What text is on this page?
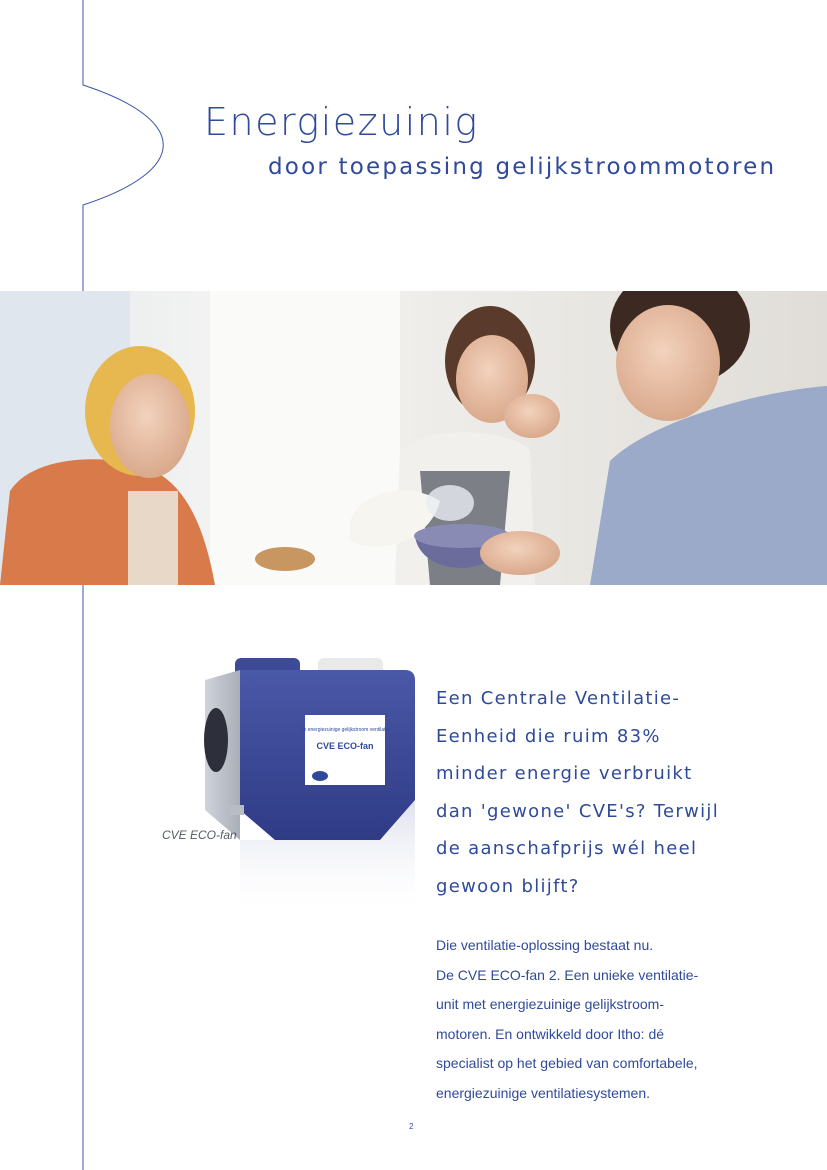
Energiezuinig
door toepassing gelijkstroommotoren
De energiezuinige gelijkstroom ventilator
CVE ECO-fan
CVE ECO-fan
Een Centrale Ventilatie-
Eenheid die ruim 83%
minder energie verbruikt
dan 'gewone' CVE's? Terwijl
de aanschafprijs wél heel
gewoon blijft?
Die ventilatie-oplossing bestaat nu.
De CVE ECO-fan 2. Een unieke ventilatie-
unit met energiezuinige gelijkstroom-
motoren. En ontwikkeld door Itho: dé
specialist op het gebied van comfortabele,
energiezuinige ventilatiesystemen.
2
